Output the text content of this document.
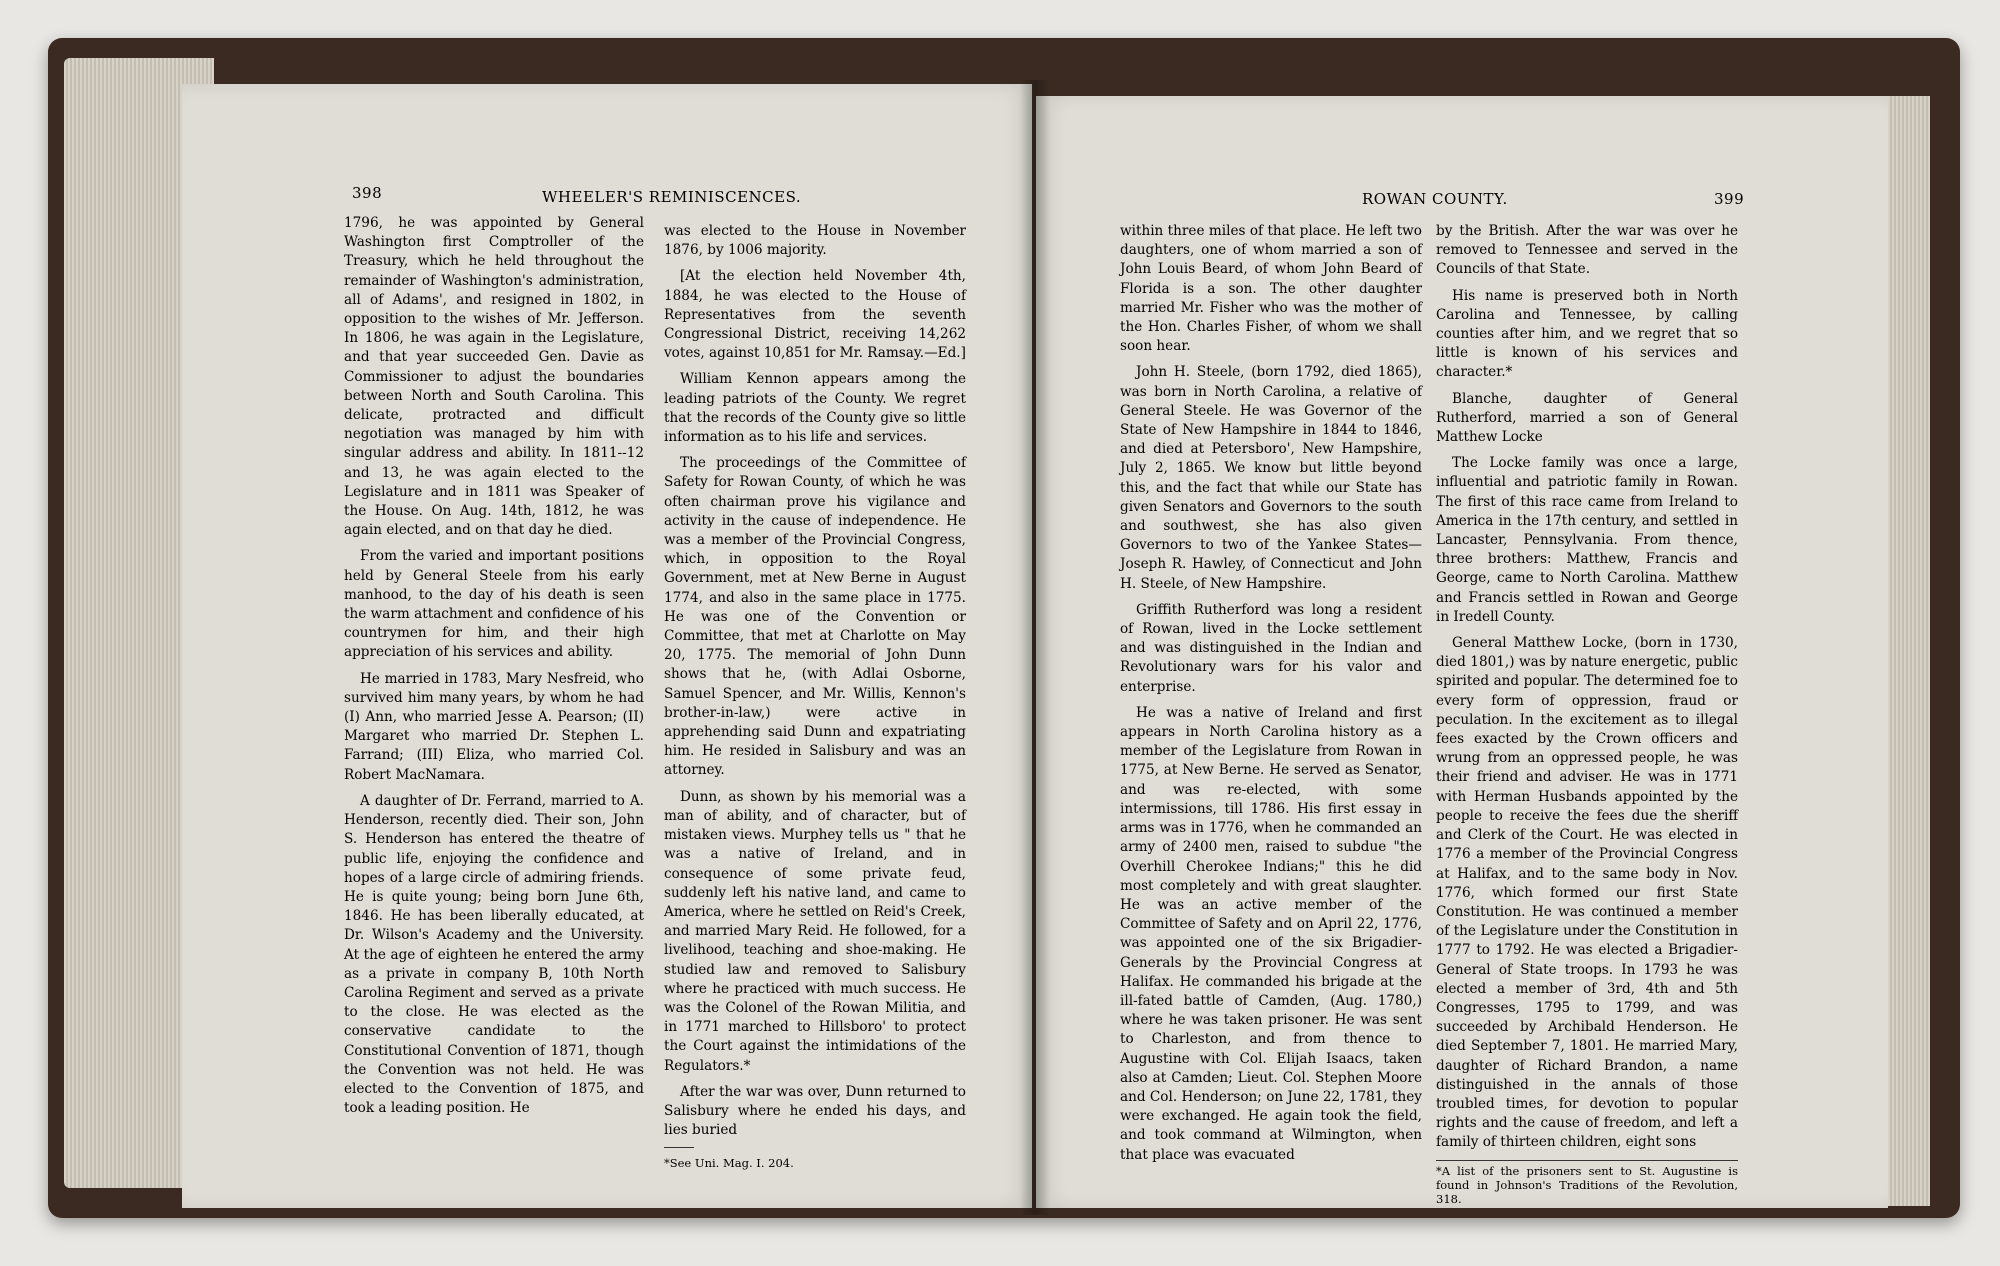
398	WHEELER'S REMINISCENCES.

1796, he was appointed by General Washington first Comptroller of the Treasury, which he held throughout the remainder of Washington's administration, all of Adams', and resigned in 1802, in opposition to the wishes of Mr. Jefferson. In 1806, he was again in the Legislature, and that year succeeded Gen. Davie as Commissioner to adjust the boundaries between North and South Carolina. This delicate, protracted and difficult negotiation was managed by him with singular address and ability. In 1811--12 and 13, he was again elected to the Legislature and in 1811 was Speaker of the House. On Aug. 14th, 1812, he was again elected, and on that day he died.

From the varied and important positions held by General Steele from his early manhood, to the day of his death is seen the warm attachment and confidence of his countrymen for him, and their high appreciation of his services and ability.

He married in 1783, Mary Nesfreid, who survived him many years, by whom he had (I) Ann, who married Jesse A. Pearson; (II) Margaret who married Dr. Stephen L. Farrand; (III) Eliza, who married Col. Robert MacNamara.

A daughter of Dr. Ferrand, married to A. Henderson, recently died. Their son, John S. Henderson has entered the theatre of public life, enjoying the confidence and hopes of a large circle of admiring friends. He is quite young; being born June 6th, 1846. He has been liberally educated, at Dr. Wilson's Academy and the University. At the age of eighteen he entered the army as a private in company B, 10th North Carolina Regiment and served as a private to the close. He was elected as the conservative candidate to the Constitutional Convention of 1871, though the Convention was not held. He was elected to the Convention of 1875, and took a leading position. He

was elected to the House in November 1876, by 1006 majority.

[At the election held November 4th, 1884, he was elected to the House of Representatives from the seventh Congressional District, receiving 14,262 votes, against 10,851 for Mr. Ramsay.—Ed.]

William Kennon appears among the leading patriots of the County. We regret that the records of the County give so little information as to his life and services.

The proceedings of the Committee of Safety for Rowan County, of which he was often chairman prove his vigilance and activity in the cause of independence. He was a member of the Provincial Congress, which, in opposition to the Royal Government, met at New Berne in August 1774, and also in the same place in 1775. He was one of the Convention or Committee, that met at Charlotte on May 20, 1775. The memorial of John Dunn shows that he, (with Adlai Osborne, Samuel Spencer, and Mr. Willis, Kennon's brother-in-law,) were active in apprehending said Dunn and expatriating him. He resided in Salisbury and was an attorney.

Dunn, as shown by his memorial was a man of ability, and of character, but of mistaken views. Murphey tells us " that he was a native of Ireland, and in consequence of some private feud, suddenly left his native land, and came to America, where he settled on Reid's Creek, and married Mary Reid. He followed, for a livelihood, teaching and shoe-making. He studied law and removed to Salisbury where he practiced with much success. He was the Colonel of the Rowan Militia, and in 1771 marched to Hillsboro' to protect the Court against the intimidations of the Regulators.*

After the war was over, Dunn returned to Salisbury where he ended his days, and lies buried

*See Uni. Mag. I. 204.
ROWAN COUNTY.	399

within three miles of that place. He left two daughters, one of whom married a son of John Louis Beard, of whom John Beard of Florida is a son. The other daughter married Mr. Fisher who was the mother of the Hon. Charles Fisher, of whom we shall soon hear.

John H. Steele, (born 1792, died 1865), was born in North Carolina, a relative of General Steele. He was Governor of the State of New Hampshire in 1844 to 1846, and died at Petersboro', New Hampshire, July 2, 1865. We know but little beyond this, and the fact that while our State has given Senators and Governors to the south and southwest, she has also given Governors to two of the Yankee States—Joseph R. Hawley, of Connecticut and John H. Steele, of New Hampshire.

Griffith Rutherford was long a resident of Rowan, lived in the Locke settlement and was distinguished in the Indian and Revolutionary wars for his valor and enterprise.

He was a native of Ireland and first appears in North Carolina history as a member of the Legislature from Rowan in 1775, at New Berne. He served as Senator, and was re-elected, with some intermissions, till 1786. His first essay in arms was in 1776, when he commanded an army of 2400 men, raised to subdue "the Overhill Cherokee Indians;" this he did most completely and with great slaughter. He was an active member of the Committee of Safety and on April 22, 1776, was appointed one of the six Brigadier-Generals by the Provincial Congress at Halifax. He commanded his brigade at the ill-fated battle of Camden, (Aug. 1780,) where he was taken prisoner. He was sent to Charleston, and from thence to Augustine with Col. Elijah Isaacs, taken also at Camden; Lieut. Col. Stephen Moore and Col. Henderson; on June 22, 1781, they were exchanged. He again took the field, and took command at Wilmington, when that place was evacuated

by the British. After the war was over he removed to Tennessee and served in the Councils of that State.

His name is preserved both in North Carolina and Tennessee, by calling counties after him, and we regret that so little is known of his services and character.*

Blanche, daughter of General Rutherford, married a son of General Matthew Locke

The Locke family was once a large, influential and patriotic family in Rowan. The first of this race came from Ireland to America in the 17th century, and settled in Lancaster, Pennsylvania. From thence, three brothers: Matthew, Francis and George, came to North Carolina. Matthew and Francis settled in Rowan and George in Iredell County.

General Matthew Locke, (born in 1730, died 1801,) was by nature energetic, public spirited and popular. The determined foe to every form of oppression, fraud or peculation. In the excitement as to illegal fees exacted by the Crown officers and wrung from an oppressed people, he was their friend and adviser. He was in 1771 with Herman Husbands appointed by the people to receive the fees due the sheriff and Clerk of the Court. He was elected in 1776 a member of the Provincial Congress at Halifax, and to the same body in Nov. 1776, which formed our first State Constitution. He was continued a member of the Legislature under the Constitution in 1777 to 1792. He was elected a Brigadier-General of State troops. In 1793 he was elected a member of 3rd, 4th and 5th Congresses, 1795 to 1799, and was succeeded by Archibald Henderson. He died September 7, 1801. He married Mary, daughter of Richard Brandon, a name distinguished in the annals of those troubled times, for devotion to popular rights and the cause of freedom, and left a family of thirteen children, eight sons

*A list of the prisoners sent to St. Augustine is found in Johnson's Traditions of the Revolution, 318.
